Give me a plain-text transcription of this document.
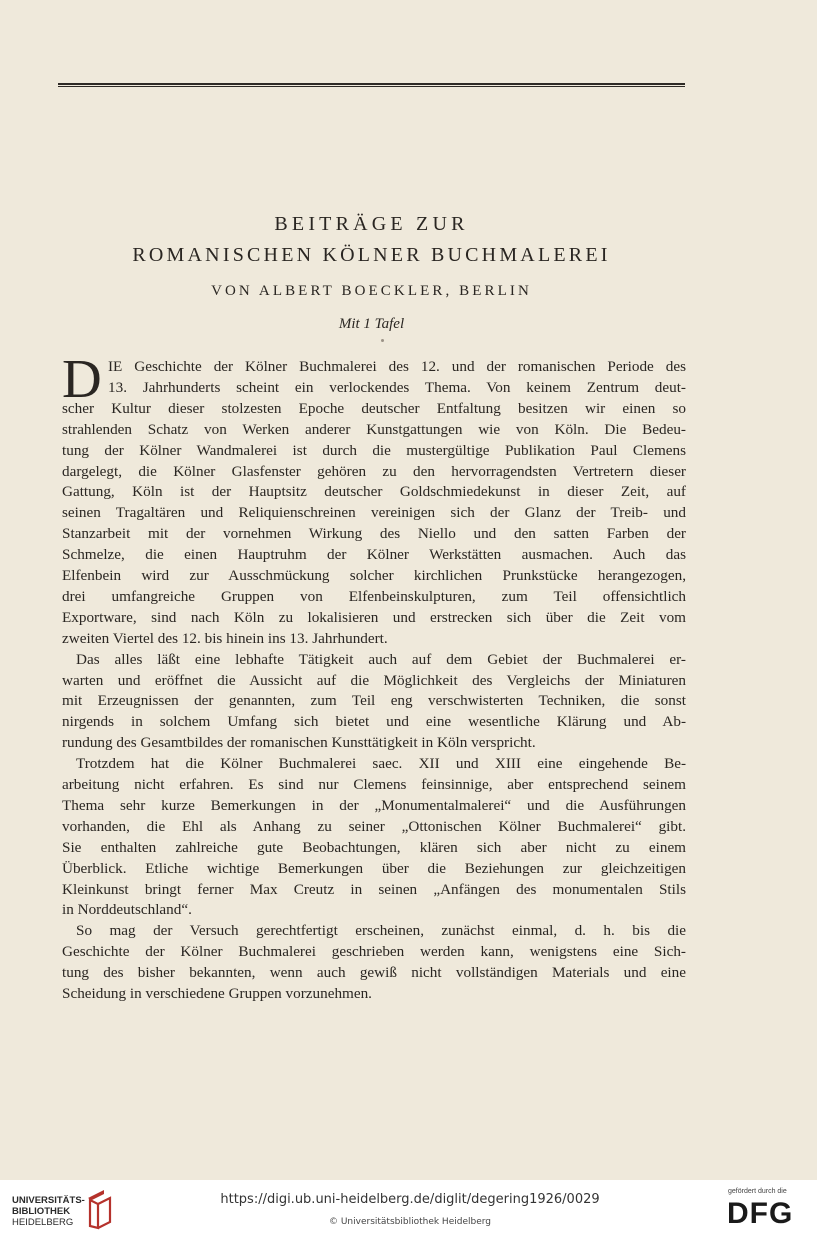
BEITRÄGE ZUR
ROMANISCHEN KÖLNER BUCHMALEREI
VON ALBERT BOECKLER, BERLIN
Mit 1 Tafel
D IE Geschichte der Kölner Buchmalerei des 12. und der romanischen Periode des
13. Jahrhunderts scheint ein verlockendes Thema. Von keinem Zentrum deut-
scher Kultur dieser stolzesten Epoche deutscher Entfaltung besitzen wir einen so
strahlenden Schatz von Werken anderer Kunstgattungen wie von Köln. Die Bedeu-
tung der Kölner Wandmalerei ist durch die mustergültige Publikation Paul Clemens
dargelegt, die Kölner Glasfenster gehören zu den hervorragendsten Vertretern dieser
Gattung, Köln ist der Hauptsitz deutscher Goldschmiedekunst in dieser Zeit, auf
seinen Tragaltären und Reliquienschreinen vereinigen sich der Glanz der Treib- und
Stanzarbeit mit der vornehmen Wirkung des Niello und den satten Farben der
Schmelze, die einen Hauptruhm der Kölner Werkstätten ausmachen. Auch das
Elfenbein wird zur Ausschmückung solcher kirchlichen Prunkstücke herangezogen,
drei umfangreiche Gruppen von Elfenbeinskulpturen, zum Teil offensichtlich
Exportware, sind nach Köln zu lokalisieren und erstrecken sich über die Zeit vom
zweiten Viertel des 12. bis hinein ins 13. Jahrhundert.
Das alles läßt eine lebhafte Tätigkeit auch auf dem Gebiet der Buchmalerei er-
warten und eröffnet die Aussicht auf die Möglichkeit des Vergleichs der Miniaturen
mit Erzeugnissen der genannten, zum Teil eng verschwisterten Techniken, die sonst
nirgends in solchem Umfang sich bietet und eine wesentliche Klärung und Ab-
rundung des Gesamtbildes der romanischen Kunsttätigkeit in Köln verspricht.
Trotzdem hat die Kölner Buchmalerei saec. XII und XIII eine eingehende Be-
arbeitung nicht erfahren. Es sind nur Clemens feinsinnige, aber entsprechend seinem
Thema sehr kurze Bemerkungen in der „Monumentalmalerei“ und die Ausführungen
vorhanden, die Ehl als Anhang zu seiner „Ottonischen Kölner Buchmalerei“ gibt.
Sie enthalten zahlreiche gute Beobachtungen, klären sich aber nicht zu einem
Überblick. Etliche wichtige Bemerkungen über die Beziehungen zur gleichzeitigen
Kleinkunst bringt ferner Max Creutz in seinen „Anfängen des monumentalen Stils
in Norddeutschland“.
So mag der Versuch gerechtfertigt erscheinen, zunächst einmal, d. h. bis die
Geschichte der Kölner Buchmalerei geschrieben werden kann, wenigstens eine Sich-
tung des bisher bekannten, wenn auch gewiß nicht vollständigen Materials und eine
Scheidung in verschiedene Gruppen vorzunehmen.
UNIVERSITÄTS-
BIBLIOTHEK
HEIDELBERG
https://digi.ub.uni-heidelberg.de/diglit/degering1926/0029
© Universitätsbibliothek Heidelberg
gefördert durch die
DFG
